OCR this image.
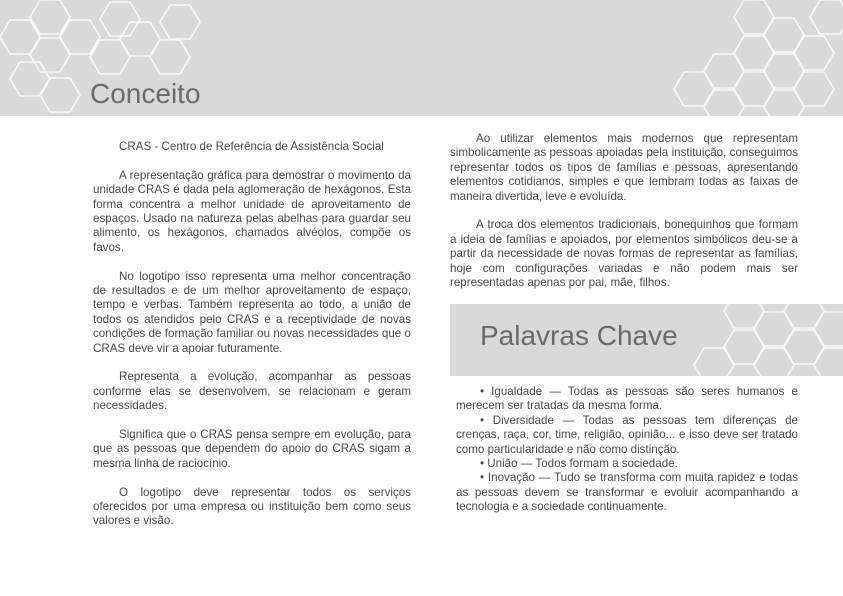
Conceito

CRAS - Centro de Referência de Assistência Social

A representação gráfica para demostrar o movimento da unidade CRAS é dada pela aglomeração de hexágonos. Esta forma concentra a melhor unidade de aproveitamento de espaços. Usado na natureza pelas abelhas para guardar seu alimento, os hexágonos, chamados alvéolos, compõe os favos.

No logotipo isso representa uma melhor concentração de resultados e de um melhor aproveitamento de espaço, tempo e verbas. Também representa ao todo, a união de todos os atendidos pelo CRAS e a receptividade de novas condições de formação familiar ou novas necessidades que o CRAS deve vir a apoiar futuramente.

Representa a evolução, acompanhar as pessoas conforme elas se desenvolvem, se relacionam e geram necessidades.

Significa que o CRAS pensa sempre em evolução, para que as pessoas que dependem do apoio do CRAS sigam a mesma linha de raciocínio.

O logotipo deve representar todos os serviços oferecidos por uma empresa ou instituição bem como seus valores e visão.

Ao utilizar elementos mais modernos que representam simbolicamente as pessoas apoiadas pela instituição, conseguimos representar todos os tipos de famílias e pessoas, apresentando elementos cotidianos, simples e que lembram todas as faixas de maneira divertida, leve e evoluída.

A troca dos elementos tradicionais, bonequinhos que formam a ideia de famílias e apoiados, por elementos simbólicos deu-se a partir da necessidade de novas formas de representar as famílias, hoje com configurações variadas e não podem mais ser representadas apenas por pai, mãe, filhos.

Palavras Chave

• Igualdade — Todas as pessoas são seres humanos e merecem ser tratadas da mesma forma.

• Diversidade — Todas as pessoas tem diferenças de crenças, raça, cor, time, religião, opinião... e isso deve ser tratado como particularidade e não como distinção.

• União — Todos formam a sociedade.

• Inovação — Tudo se transforma com muita rapidez e todas as pessoas devem se transformar e evoluir acompanhando a tecnologia e a sociedade continuamente.
